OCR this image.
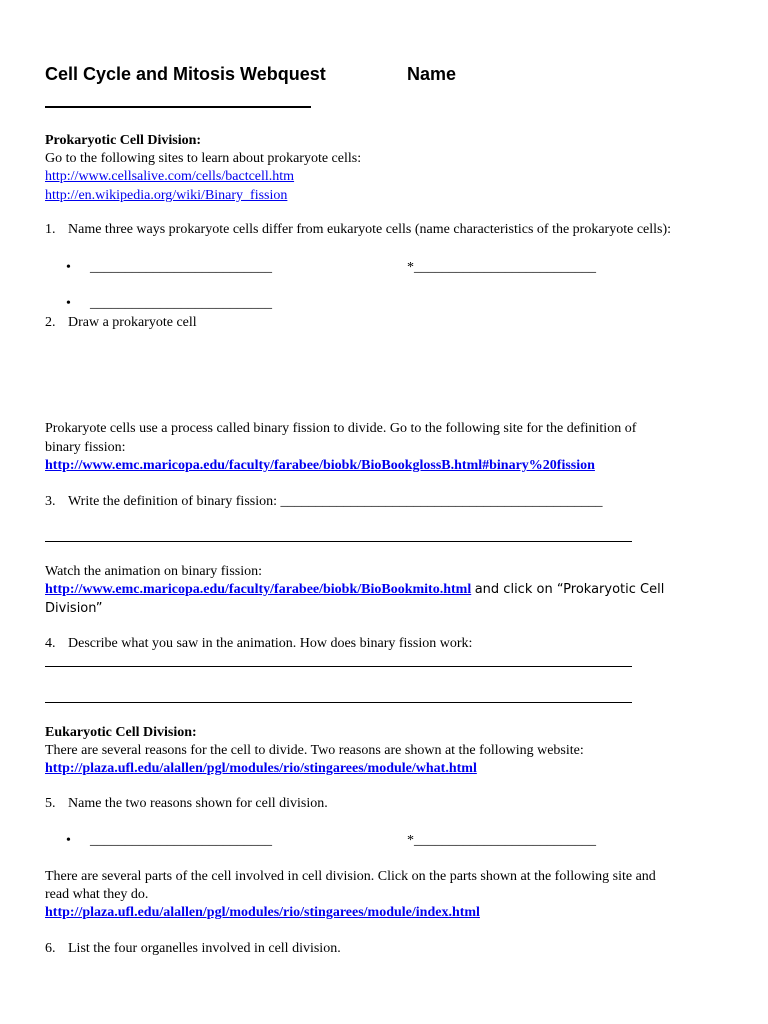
Cell Cycle and Mitosis Webquest	Name
Prokaryotic Cell Division:
Go to the following sites to learn about prokaryote cells:
http://www.cellsalive.com/cells/bactcell.htm
http://en.wikipedia.org/wiki/Binary_fission
1. Name three ways prokaryote cells differ from eukaryote cells (name characteristics of the prokaryote cells):
• __________________________	*__________________________
• __________________________
2. Draw a prokaryote cell
Prokaryote cells use a process called binary fission to divide. Go to the following site for the definition of
binary fission:
http://www.emc.maricopa.edu/faculty/farabee/biobk/BioBookglossB.html#binary%20fission
3. Write the definition of binary fission: ______________________________________________
Watch the animation on binary fission:
http://www.emc.maricopa.edu/faculty/farabee/biobk/BioBookmito.html and click on “Prokaryotic Cell
Division”
4. Describe what you saw in the animation. How does binary fission work:
Eukaryotic Cell Division:
There are several reasons for the cell to divide. Two reasons are shown at the following website:
http://plaza.ufl.edu/alallen/pgl/modules/rio/stingarees/module/what.html
5. Name the two reasons shown for cell division.
• __________________________	*__________________________
There are several parts of the cell involved in cell division. Click on the parts shown at the following site and
read what they do.
http://plaza.ufl.edu/alallen/pgl/modules/rio/stingarees/module/index.html
6. List the four organelles involved in cell division.
